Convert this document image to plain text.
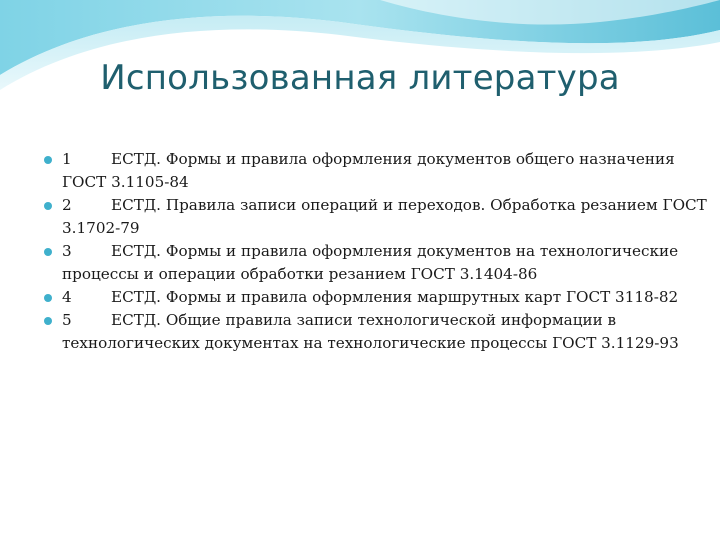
Использованная литература
1	ЕСТД. Формы и правила оформления документов общего назначения ГОСТ 3.1105-84
2	ЕСТД. Правила записи операций и переходов. Обработка резанием ГОСТ 3.1702-79
3	ЕСТД. Формы и правила оформления документов на технологические процессы и операции обработки резанием ГОСТ 3.1404-86
4	ЕСТД. Формы и правила оформления маршрутных карт ГОСТ 3118-82
5	ЕСТД. Общие правила записи технологической информации в технологических документах на технологические процессы ГОСТ 3.1129-93
